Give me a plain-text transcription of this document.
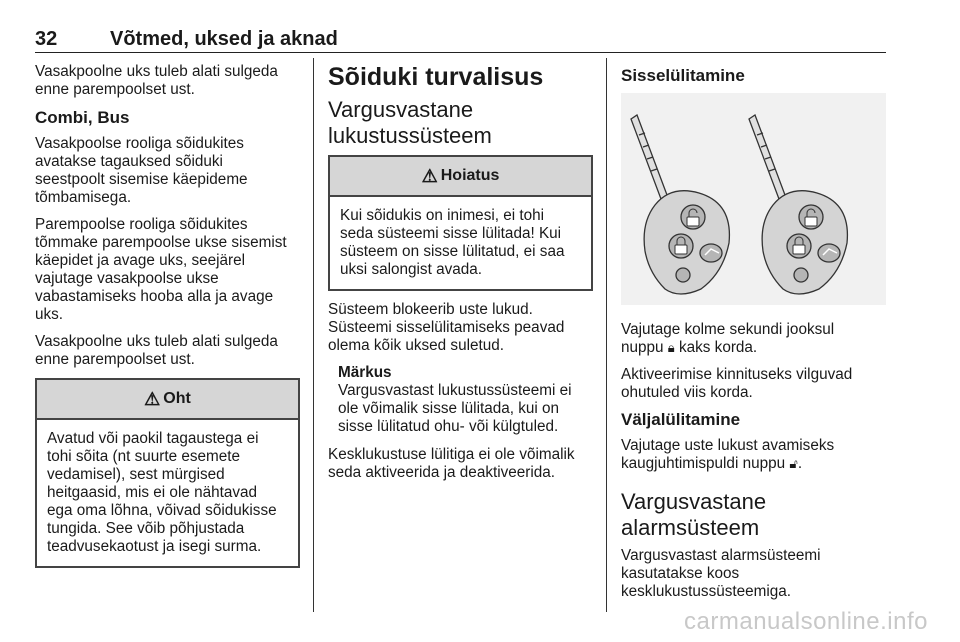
32	Võtmed, uksed ja aknad

Vasakpoolne uks tuleb alati sulgeda
enne parempoolset ust.

Combi, Bus

Vasakpoolse rooliga sõidukites
avatakse tagauksed sõiduki
seestpoolt sisemise käepideme
tõmbamisega.

Parempoolse rooliga sõidukites
tõmmake parempoolse ukse sisemist
käepidet ja avage uks, seejärel
vajutage vasakpoolse ukse
vabastamiseks hooba alla ja avage
uks.

Vasakpoolne uks tuleb alati sulgeda
enne parempoolset ust.

⚠ Oht
Avatud või paokil tagaustega ei
tohi sõita (nt suurte esemete
vedamisel), sest mürgised
heitgaasid, mis ei ole nähtavad
ega oma lõhna, võivad sõidukisse
tungida. See võib põhjustada
teadvusekaotust ja isegi surma.
Sõiduki turvalisus
Vargusvastane
lukustussüsteem
⚠ Hoiatus
Kui sõidukis on inimesi, ei tohi
seda süsteemi sisse lülitada! Kui
süsteem on sisse lülitatud, ei saa
uksi salongist avada.

Süsteem blokeerib uste lukud.
Süsteemi sisselülitamiseks peavad
olema kõik uksed suletud.

Märkus
Vargusvastast lukustussüsteemi ei
ole võimalik sisse lülitada, kui on
sisse lülitatud ohu- või külgtuled.

Kesklukustuse lülitiga ei ole võimalik
seda aktiveerida ja deaktiveerida.

Sisselülitamine

Vajutage kolme sekundi jooksul
nuppu 🔒︎ kaks korda.

Aktiveerimise kinnituseks vilguvad
ohutuled viis korda.

Väljalülitamine

Vajutage uste lukust avamiseks
kaugjuhtimispuldi nuppu 🔓︎.

Vargusvastane
alarmsüsteem

Vargusvastast alarmsüsteemi
kasutatakse koos
kesklukustussüsteemiga.

carmanualsonline.info
